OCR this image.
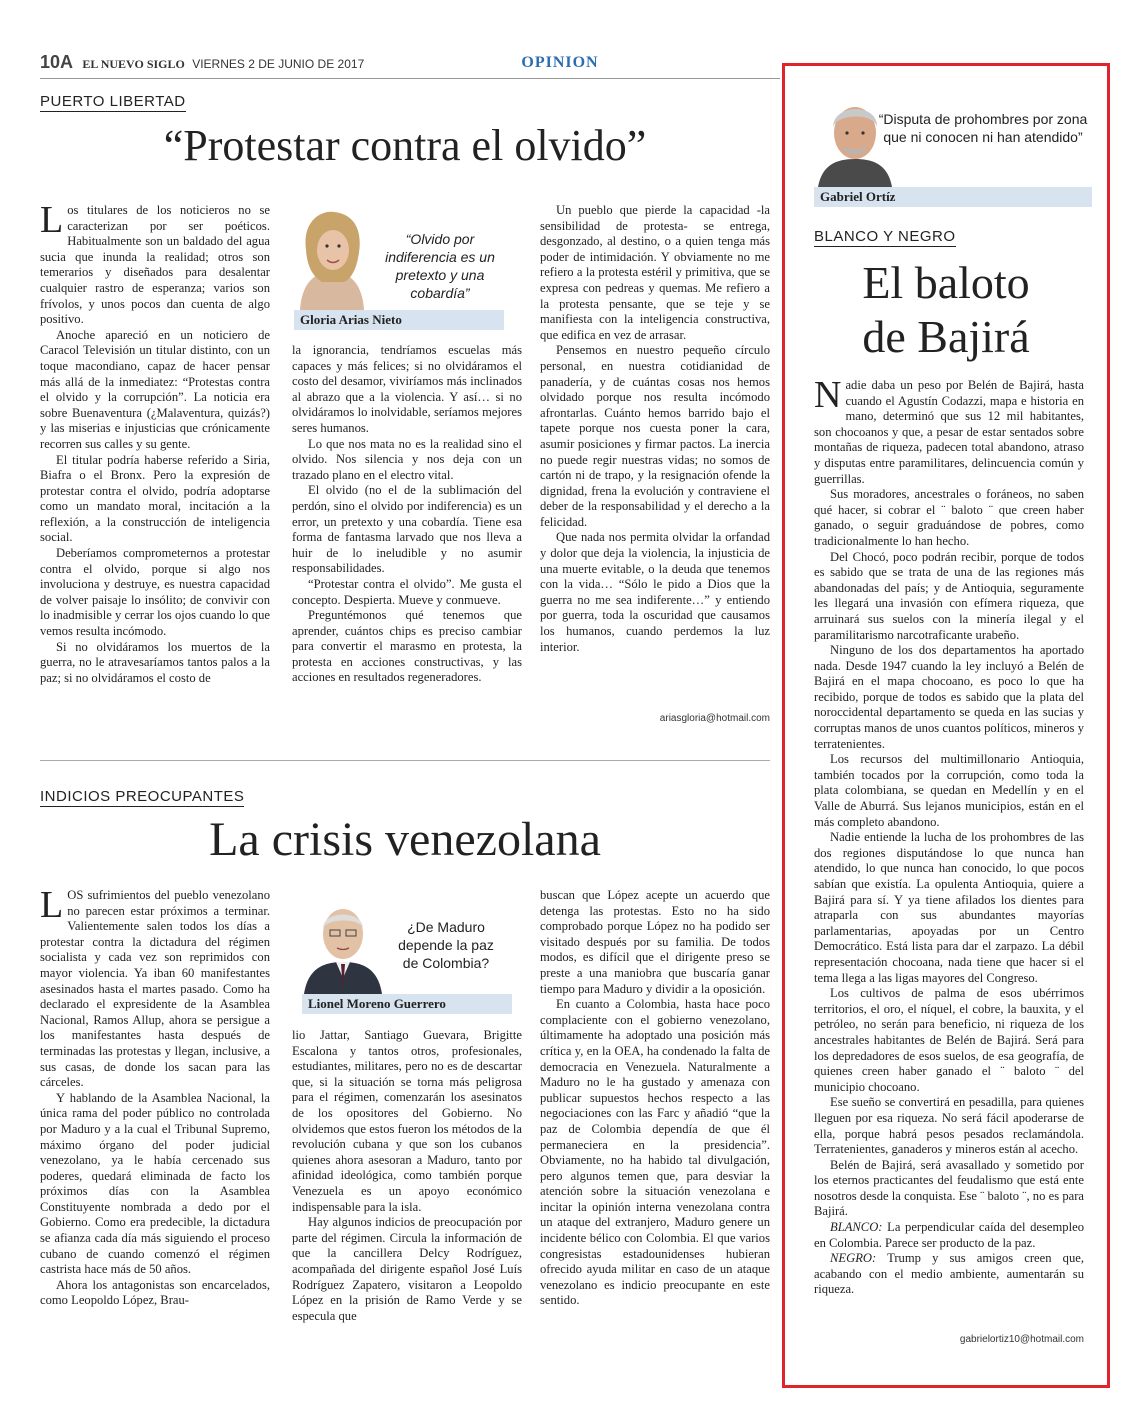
10A EL NUEVO SIGLO VIERNES 2 DE JUNIO DE 2017	OPINION
PUERTO LIBERTAD
“Protestar contra el olvido”

Los titulares de los noticieros no se caracterizan por ser poéticos. Habitualmente son un baldado del agua sucia que inunda la realidad; otros son temerarios y diseñados para desalentar cualquier rastro de esperanza; varios son frívolos, y unos pocos dan cuenta de algo positivo.

Anoche apareció en un noticiero de Caracol Televisión un titular distinto, con un toque macondiano, capaz de hacer pensar más allá de la inmediatez: “Protestas contra el olvido y la corrupción”. La noticia era sobre Buenaventura (¿Malaventura, quizás?) y las miserias e injusticias que crónicamente recorren sus calles y su gente.

El titular podría haberse referido a Siria, Biafra o el Bronx. Pero la expresión de protestar contra el olvido, podría adoptarse como un mandato moral, incitación a la reflexión, a la construcción de inteligencia social.

Deberíamos comprometernos a protestar contra el olvido, porque si algo nos involuciona y destruye, es nuestra capacidad de volver paisaje lo insólito; de convivir con lo inadmisible y cerrar los ojos cuando lo que vemos resulta incómodo.

Si no olvidáramos los muertos de la guerra, no le atravesaríamos tantos palos a la paz; si no olvidáramos el costo de

“Olvido por indiferencia es un pretexto y una cobardía”
Gloria Arias Nieto

la ignorancia, tendríamos escuelas más capaces y más felices; si no olvidáramos el costo del desamor, viviríamos más inclinados al abrazo que a la violencia. Y así… si no olvidáramos lo inolvidable, seríamos mejores seres humanos.

Lo que nos mata no es la realidad sino el olvido. Nos silencia y nos deja con un trazado plano en el electro vital.

El olvido (no el de la sublimación del perdón, sino el olvido por indiferencia) es un error, un pretexto y una cobardía. Tiene esa forma de fantasma larvado que nos lleva a huir de lo ineludible y no asumir responsabilidades.

“Protestar contra el olvido”. Me gusta el concepto. Despierta. Mueve y conmueve.

Preguntémonos qué tenemos que aprender, cuántos chips es preciso cambiar para convertir el marasmo en protesta, la protesta en acciones constructivas, y las acciones en resultados regeneradores.

Un pueblo que pierde la capacidad -la sensibilidad de protesta- se entrega, desgonzado, al destino, o a quien tenga más poder de intimidación. Y obviamente no me refiero a la protesta estéril y primitiva, que se expresa con pedreas y quemas. Me refiero a la protesta pensante, que se teje y se manifiesta con la inteligencia constructiva, que edifica en vez de arrasar.

Pensemos en nuestro pequeño círculo personal, en nuestra cotidianidad de panadería, y de cuántas cosas nos hemos olvidado porque nos resulta incómodo afrontarlas. Cuánto hemos barrido bajo el tapete porque nos cuesta poner la cara, asumir posiciones y firmar pactos. La inercia no puede regir nuestras vidas; no somos de cartón ni de trapo, y la resignación ofende la dignidad, frena la evolución y contraviene el deber de la responsabilidad y el derecho a la felicidad.

Que nada nos permita olvidar la orfandad y dolor que deja la violencia, la injusticia de una muerte evitable, o la deuda que tenemos con la vida… “Sólo le pido a Dios que la guerra no me sea indiferente…” y entiendo por guerra, toda la oscuridad que causamos los humanos, cuando perdemos la luz interior.

ariasgloria@hotmail.com
INDICIOS PREOCUPANTES
La crisis venezolana

LOS sufrimientos del pueblo venezolano no parecen estar próximos a terminar. Valientemente salen todos los días a protestar contra la dictadura del régimen socialista y cada vez son reprimidos con mayor violencia. Ya iban 60 manifestantes asesinados hasta el martes pasado. Como ha declarado el expresidente de la Asamblea Nacional, Ramos Allup, ahora se persigue a los manifestantes hasta después de terminadas las protestas y llegan, inclusive, a sus casas, de donde los sacan para las cárceles.

Y hablando de la Asamblea Nacional, la única rama del poder público no controlada por Maduro y a la cual el Tribunal Supremo, máximo órgano del poder judicial venezolano, ya le había cercenado sus poderes, quedará eliminada de facto los próximos días con la Asamblea Constituyente nombrada a dedo por el Gobierno. Como era predecible, la dictadura se afianza cada día más siguiendo el proceso cubano de cuando comenzó el régimen castrista hace más de 50 años.

Ahora los antagonistas son encarcelados, como Leopoldo López, Brau-

¿De Maduro depende la paz de Colombia?
Lionel Moreno Guerrero

lio Jattar, Santiago Guevara, Brigitte Escalona y tantos otros, profesionales, estudiantes, militares, pero no es de descartar que, si la situación se torna más peligrosa para el régimen, comenzarán los asesinatos de los opositores del Gobierno. No olvidemos que estos fueron los métodos de la revolución cubana y que son los cubanos quienes ahora asesoran a Maduro, tanto por afinidad ideológica, como también porque Venezuela es un apoyo económico indispensable para la isla.

Hay algunos indicios de preocupación por parte del régimen. Circula la información de que la cancillera Delcy Rodríguez, acompañada del dirigente español José Luís Rodríguez Zapatero, visitaron a Leopoldo López en la prisión de Ramo Verde y se especula que

buscan que López acepte un acuerdo que detenga las protestas. Esto no ha sido comprobado porque López no ha podido ser visitado después por su familia. De todos modos, es difícil que el dirigente preso se preste a una maniobra que buscaría ganar tiempo para Maduro y dividir a la oposición.

En cuanto a Colombia, hasta hace poco complaciente con el gobierno venezolano, últimamente ha adoptado una posición más crítica y, en la OEA, ha condenado la falta de democracia en Venezuela. Naturalmente a Maduro no le ha gustado y amenaza con publicar supuestos hechos respecto a las negociaciones con las Farc y añadió “que la paz de Colombia dependía de que él permaneciera en la presidencia”. Obviamente, no ha habido tal divulgación, pero algunos temen que, para desviar la atención sobre la situación venezolana e incitar la opinión interna venezolana contra un ataque del extranjero, Maduro genere un incidente bélico con Colombia. El que varios congresistas estadounidenses hubieran ofrecido ayuda militar en caso de un ataque venezolano es indicio preocupante en este sentido.

“Disputa de prohombres por zona que ni conocen ni han atendido”
Gabriel Ortíz
BLANCO Y NEGRO
El baloto
de Bajirá

Nadie daba un peso por Belén de Bajirá, hasta cuando el Agustín Codazzi, mapa e historia en mano, determinó que sus 12 mil habitantes, son chocoanos y que, a pesar de estar sentados sobre montañas de riqueza, padecen total abandono, atraso y disputas entre paramilitares, delincuencia común y guerrillas.

Sus moradores, ancestrales o foráneos, no saben qué hacer, si cobrar el ¨ baloto ¨ que creen haber ganado, o seguir graduándose de pobres, como tradicionalmente lo han hecho.

Del Chocó, poco podrán recibir, porque de todos es sabido que se trata de una de las regiones más abandonadas del país; y de Antioquia, seguramente les llegará una invasión con efímera riqueza, que arruinará sus suelos con la minería ilegal y el paramilitarismo narcotraficante urabeño.

Ninguno de los dos departamentos ha aportado nada. Desde 1947 cuando la ley incluyó a Belén de Bajirá en el mapa chocoano, es poco lo que ha recibido, porque de todos es sabido que la plata del noroccidental departamento se queda en las sucias y corruptas manos de unos cuantos políticos, mineros y terratenientes.

Los recursos del multimillonario Antioquia, también tocados por la corrupción, como toda la plata colombiana, se quedan en Medellín y en el Valle de Aburrá. Sus lejanos municipios, están en el más completo abandono.

Nadie entiende la lucha de los prohombres de las dos regiones disputándose lo que nunca han atendido, lo que nunca han conocido, lo que pocos sabían que existía. La opulenta Antioquia, quiere a Bajirá para sí. Y ya tiene afilados los dientes para atraparla con sus abundantes mayorías parlamentarias, apoyadas por un Centro Democrático. Está lista para dar el zarpazo. La débil representación chocoana, nada tiene que hacer si el tema llega a las ligas mayores del Congreso.

Los cultivos de palma de esos ubérrimos territorios, el oro, el níquel, el cobre, la bauxita, y el petróleo, no serán para beneficio, ni riqueza de los ancestrales habitantes de Belén de Bajirá. Será para los depredadores de esos suelos, de esa geografía, de quienes creen haber ganado el ¨ baloto ¨ del municipio chocoano.

Ese sueño se convertirá en pesadilla, para quienes lleguen por esa riqueza. No será fácil apoderarse de ella, porque habrá pesos pesados reclamándola. Terratenientes, ganaderos y mineros están al acecho.

Belén de Bajirá, será avasallado y sometido por los eternos practicantes del feudalismo que está ente nosotros desde la conquista. Ese ¨ baloto ¨, no es para Bajirá.

BLANCO: La perpendicular caída del desempleo en Colombia. Parece ser producto de la paz.

NEGRO: Trump y sus amigos creen que, acabando con el medio ambiente, aumentarán su riqueza.

gabrielortiz10@hotmail.com
